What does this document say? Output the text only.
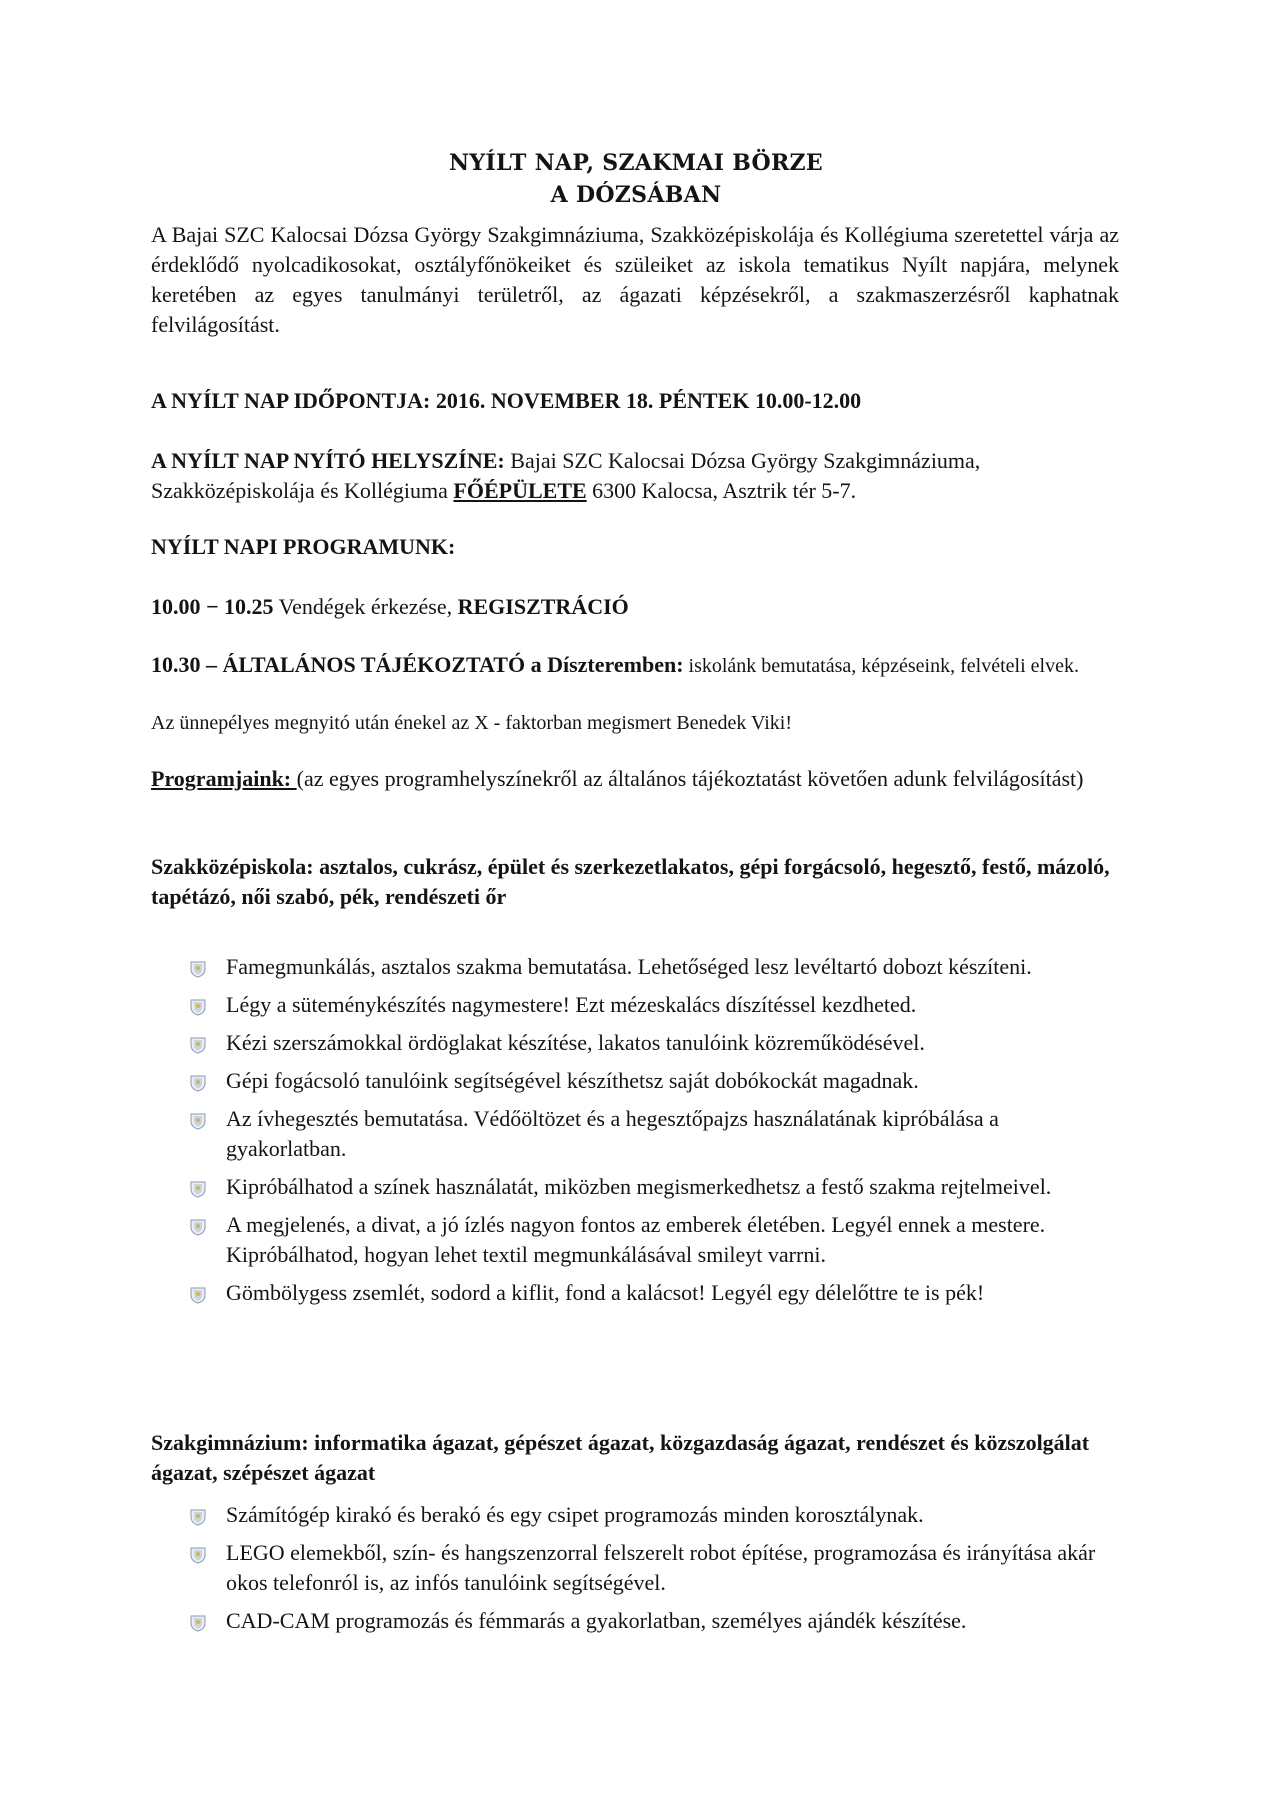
NYÍLT NAP, SZAKMAI BÖRZE
A DÓZSÁBAN

A Bajai SZC Kalocsai Dózsa György Szakgimnáziuma, Szakközépiskolája és Kollégiuma szeretettel várja az érdeklődő nyolcadikosokat, osztályfőnökeiket és szüleiket az iskola tematikus Nyílt napjára, melynek keretében az egyes tanulmányi területről, az ágazati képzésekről, a szakmaszerzésről kaphatnak felvilágosítást.

A NYÍLT NAP IDŐPONTJA: 2016. NOVEMBER 18. PÉNTEK 10.00-12.00

A NYÍLT NAP NYÍTÓ HELYSZÍNE: Bajai SZC Kalocsai Dózsa György Szakgimnáziuma, Szakközépiskolája és Kollégiuma FŐÉPÜLETE 6300 Kalocsa, Asztrik tér 5-7.

NYÍLT NAPI PROGRAMUNK:

10.00 − 10.25 Vendégek érkezése, REGISZTRÁCIÓ

10.30 – ÁLTALÁNOS TÁJÉKOZTATÓ a Díszteremben: iskolánk bemutatása, képzéseink, felvételi elvek.

Az ünnepélyes megnyitó után énekel az X - faktorban megismert Benedek Viki!

Programjaink: (az egyes programhelyszínekről az általános tájékoztatást követően adunk felvilágosítást)

Szakközépiskola: asztalos, cukrász, épület és szerkezetlakatos, gépi forgácsoló, hegesztő, festő, mázoló, tapétázó, női szabó, pék, rendészeti őr

Famegmunkálás, asztalos szakma bemutatása. Lehetőséged lesz levéltartó dobozt készíteni.
Légy a süteménykészítés nagymestere! Ezt mézeskalács díszítéssel kezdheted.
Kézi szerszámokkal ördöglakat készítése, lakatos tanulóink közreműködésével.
Gépi fogácsoló tanulóink segítségével készíthetsz saját dobókockát magadnak.
Az ívhegesztés bemutatása. Védőöltözet és a hegesztőpajzs használatának kipróbálása a gyakorlatban.
Kipróbálhatod a színek használatát, miközben megismerkedhetsz a festő szakma rejtelmeivel.
A megjelenés, a divat, a jó ízlés nagyon fontos az emberek életében. Legyél ennek a mestere. Kipróbálhatod, hogyan lehet textil megmunkálásával smileyt varrni.
Gömbölygess zsemlét, sodord a kiflit, fond a kalácsot! Legyél egy délelőttre te is pék!

Szakgimnázium: informatika ágazat, gépészet ágazat, közgazdaság ágazat, rendészet és közszolgálat ágazat, szépészet ágazat

Számítógép kirakó és berakó és egy csipet programozás minden korosztálynak.
LEGO elemekből, szín- és hangszenzorral felszerelt robot építése, programozása és irányítása akár okos telefonról is, az infós tanulóink segítségével.
CAD-CAM programozás és fémmarás a gyakorlatban, személyes ajándék készítése.
